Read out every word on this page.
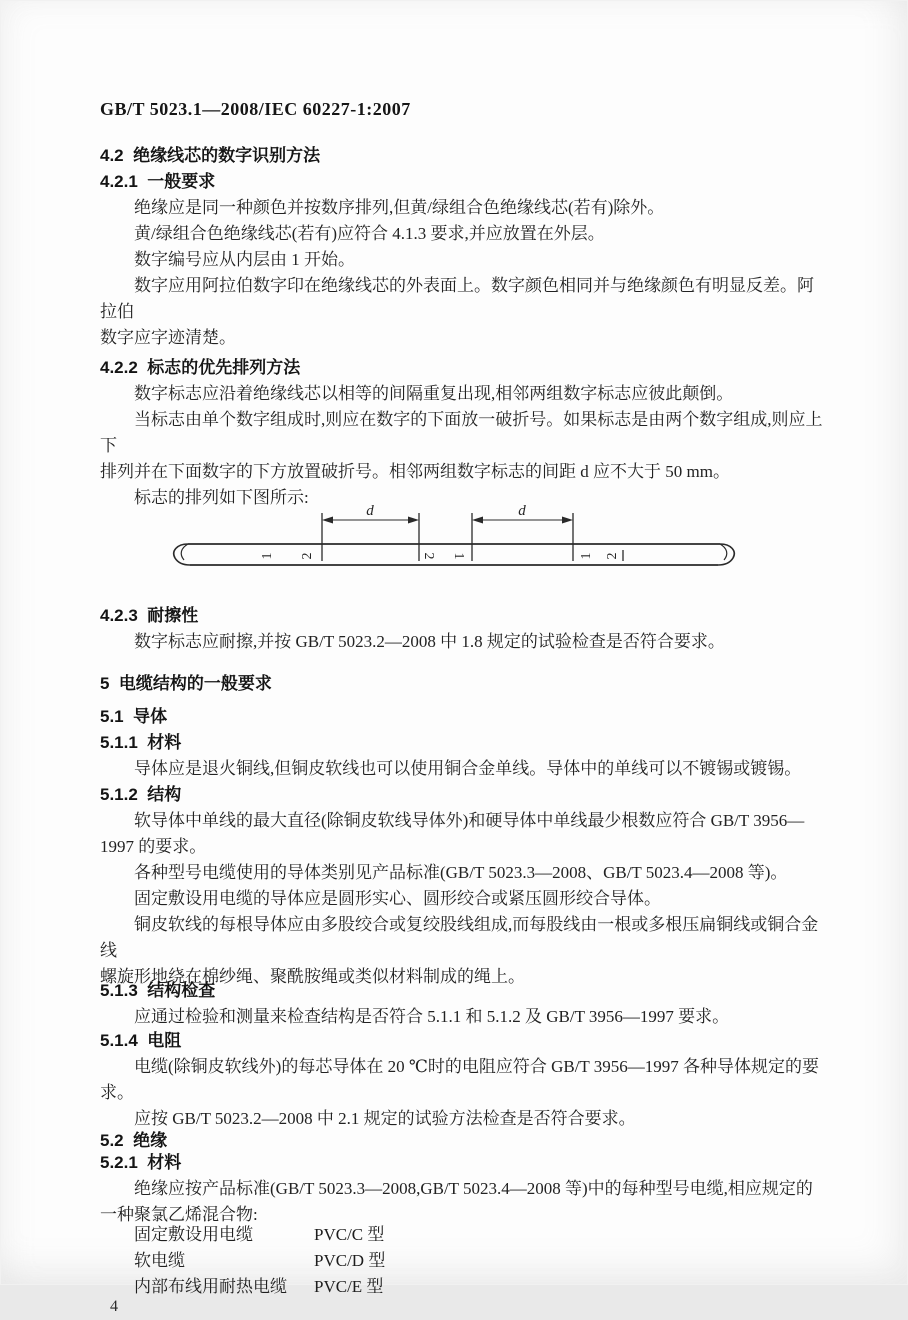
GB/T 5023.1—2008/IEC 60227-1:2007
4.2  绝缘线芯的数字识别方法
4.2.1  一般要求
绝缘应是同一种颜色并按数序排列,但黄/绿组合色绝缘线芯(若有)除外。
黄/绿组合色绝缘线芯(若有)应符合 4.1.3 要求,并应放置在外层。
数字编号应从内层由 1 开始。
数字应用阿拉伯数字印在绝缘线芯的外表面上。数字颜色相同并与绝缘颜色有明显反差。阿拉伯
数字应字迹清楚。
4.2.2  标志的优先排列方法
数字标志应沿着绝缘线芯以相等的间隔重复出现,相邻两组数字标志应彼此颠倒。
当标志由单个数字组成时,则应在数字的下面放一破折号。如果标志是由两个数字组成,则应上下
排列并在下面数字的下方放置破折号。相邻两组数字标志的间距 d 应不大于 50 mm。
标志的排列如下图所示:
d	d
1 2	2 1	1 2
4.2.3  耐擦性
数字标志应耐擦,并按 GB/T 5023.2—2008 中 1.8 规定的试验检查是否符合要求。
5  电缆结构的一般要求
5.1  导体
5.1.1  材料
导体应是退火铜线,但铜皮软线也可以使用铜合金单线。导体中的单线可以不镀锡或镀锡。
5.1.2  结构
软导体中单线的最大直径(除铜皮软线导体外)和硬导体中单线最少根数应符合 GB/T 3956—
1997 的要求。
各种型号电缆使用的导体类别见产品标准(GB/T 5023.3—2008、GB/T 5023.4—2008 等)。
固定敷设用电缆的导体应是圆形实心、圆形绞合或紧压圆形绞合导体。
铜皮软线的每根导体应由多股绞合或复绞股线组成,而每股线由一根或多根压扁铜线或铜合金线
螺旋形地绕在棉纱绳、聚酰胺绳或类似材料制成的绳上。
5.1.3  结构检查
应通过检验和测量来检查结构是否符合 5.1.1 和 5.1.2 及 GB/T 3956—1997 要求。
5.1.4  电阻
电缆(除铜皮软线外)的每芯导体在 20 ℃时的电阻应符合 GB/T 3956—1997 各种导体规定的要求。
应按 GB/T 5023.2—2008 中 2.1 规定的试验方法检查是否符合要求。
5.2  绝缘
5.2.1  材料
绝缘应按产品标准(GB/T 5023.3—2008,GB/T 5023.4—2008 等)中的每种型号电缆,相应规定的
一种聚氯乙烯混合物:
固定敷设用电缆	PVC/C 型
软电缆	PVC/D 型
内部布线用耐热电缆	PVC/E 型
4
